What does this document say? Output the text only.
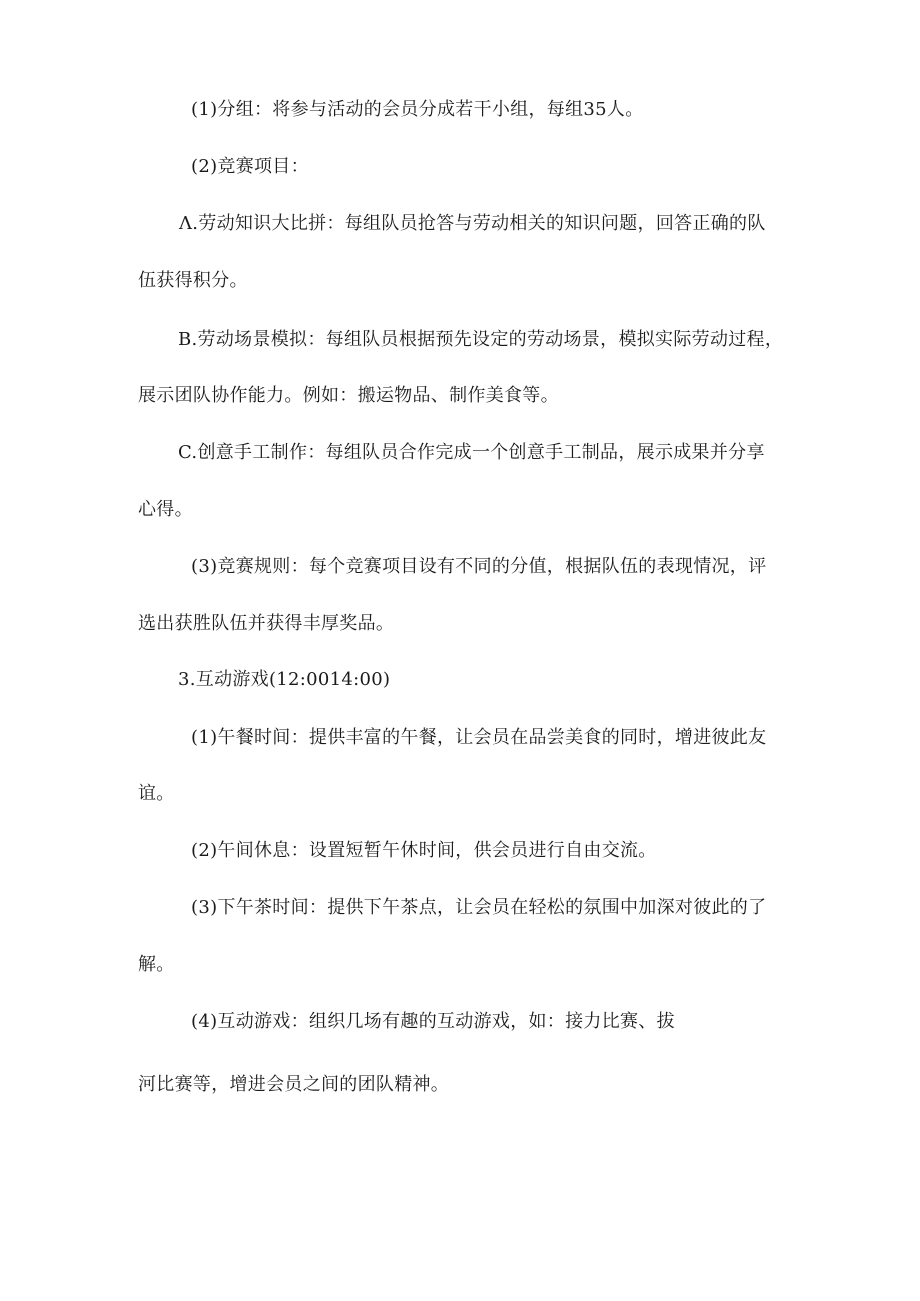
(1)分组：将参与活动的会员分成若干小组，每组35人。
(2)竞赛项目：
Λ.劳动知识大比拼：每组队员抢答与劳动相关的知识问题，回答正确的队
伍获得积分。
B.劳动场景模拟：每组队员根据预先设定的劳动场景，模拟实际劳动过程，
展示团队协作能力。例如：搬运物品、制作美食等。
C.创意手工制作：每组队员合作完成一个创意手工制品，展示成果并分享
心得。
(3)竞赛规则：每个竞赛项目设有不同的分值，根据队伍的表现情况，评
选出获胜队伍并获得丰厚奖品。
3.互动游戏(12:0014:00)
(1)午餐时间：提供丰富的午餐，让会员在品尝美食的同时，增进彼此友
谊。
(2)午间休息：设置短暂午休时间，供会员进行自由交流。
(3)下午茶时间：提供下午茶点，让会员在轻松的氛围中加深对彼此的了
解。
(4)互动游戏：组织几场有趣的互动游戏，如：接力比赛、拔
河比赛等，增进会员之间的团队精神。
